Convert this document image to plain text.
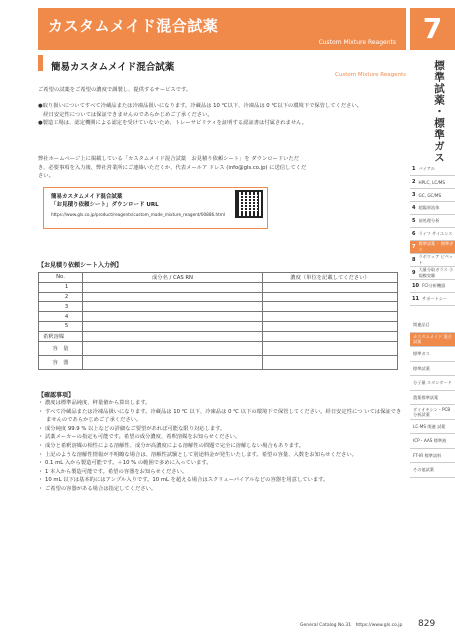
カスタムメイド混合試薬
Custom Mixture Reagents 7
標準試薬・標準ガス
簡易カスタムメイド混合試薬
Custom Mixture Reagents
ご希望の試薬をご希望の濃度で調製し、提供するサービスです。
●取り扱いについてすべて冷蔵品または冷凍品扱いになります。冷蔵品は 10 ℃以下、冷凍品は 0 ℃以下の環境下で保管してください。
　経日安定性については保証できませんのであらかじめご了承ください。
●製造工場は、認定機関による認定を受けていないため、トレーサビリティを証明する認証書は付属されません。
弊社ホームページ上に掲載している「カスタムメイド混合試薬　お見積り依頼シート」を ダウンロードいただき、必要事項を入力後、弊社営業所にご連絡いただくか、代表メールア ドレス (info@gls.co.jp) に送信してください。
簡易カスタムメイド混合試薬
「お見積り依頼シート」ダウンロード URL
https://www.gls.co.jp/product/reagents/custom_made_mixture_reagent/00886.html
【お見積り依頼シート入力例】
No.	成分名 / CAS RN	濃度（単位を記載してください）
1		
2		
3		
4		
5		
希釈溶媒		
容　量		
容　器		
【確認事項】
・ 濃度は標準品純度、秤量値から算出します。
・ すべて冷蔵品または冷凍品扱いになります。冷蔵品は 10 ℃ 以下、冷凍品は 0 ℃ 以下の環境下で保管してください。経日安定性につ いては保証できませんのであらかじめご了承ください。
・ 成分純度 99.9 % 以上などの詳細なご要望があれば可能な限り対応します。
・ 試薬メーカーの指定も可能です。希望の成分濃度、希釈溶媒をお知らせください。
・ 成分と希釈溶媒の相性による溶解性、成分が高濃度による溶解性の問題で完全に溶解しない場合もあります。
・ 上記のような溶解性情報が不明瞭な場合は、溶解性試験として別途料金が発生いたします。希望の容量、入数をお知らせください。
・ 0.1 mL 入から製造可能です。＋10 % の範囲で多めに入っています。
・ 1 本入から製造可能です。希望の容器をお知らせください。
・ 10 mL 以下は基本的にはアンプル入りです。10 mL を超える場合はスクリューバイアルなどの容器を用意しています。
・ ご希望の容器がある場合は指定してください。
1 バイアル
2 HPLC, LC/MS
3 GC, GC/MS
4 超臨界流体
5 前処理分析
6 ライフ サイエンス
7
標準試薬・ 標準ガス
8
ラボウェア ピペット
9
大量分取ガラス 小規模実験
10 FCI分析機器
11 サポートシー
関連品目
カスタムメイド 混合試薬
標準ガス
標準試薬
分子量 スタンダード
農薬標準試薬
ダイオキシン・PCB 分析試薬
LC-MS 関連 試薬
ICP・AAS 標準液
FT-IR 標準試料
その他試薬
General Catalog No.31　https://www.gls.co.jp 829
